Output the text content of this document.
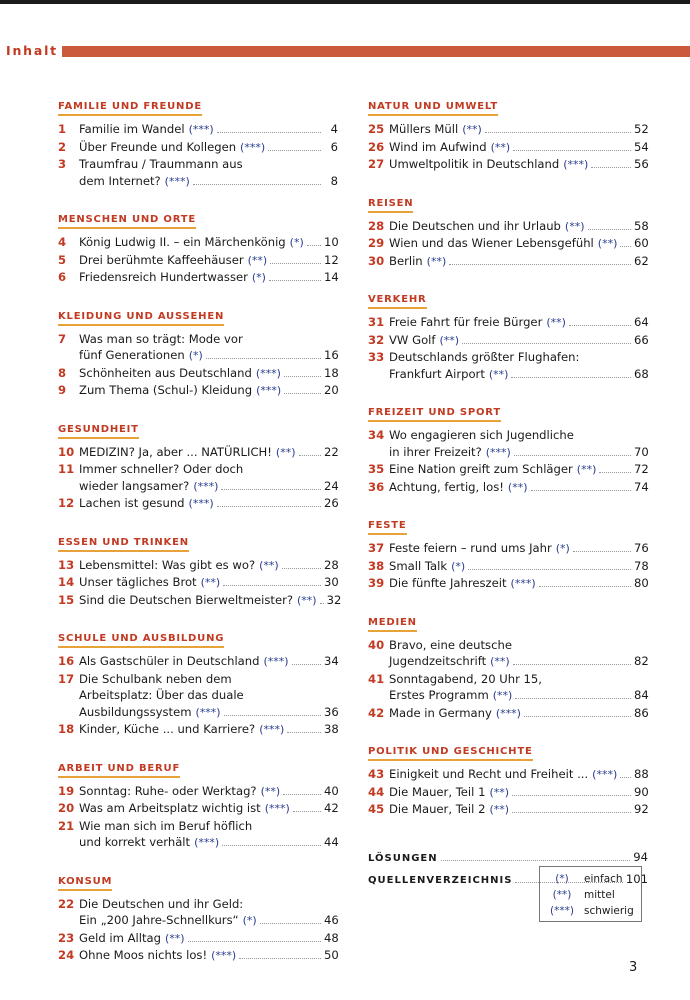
Inhalt
FAMILIE UND FREUNDE
1	Familie im Wandel (***)	4
2	Über Freunde und Kollegen (***)	6
3	Traumfrau / Traummann aus
dem Internet? (***)	8
MENSCHEN UND ORTE
4	König Ludwig II. – ein Märchenkönig (*) 10
5	Drei berühmte Kaffeehäuser (**)	12
6	Friedensreich Hundertwasser (*)	14
KLEIDUNG UND AUSSEHEN
7	Was man so trägt: Mode vor
fünf Generationen (*)	16
8	Schönheiten aus Deutschland (***)	18
9	Zum Thema (Schul-) Kleidung (***)	20
GESUNDHEIT
10 MEDIZIN? Ja, aber ... NATÜRLICH! (**) 22
11 Immer schneller? Oder doch
wieder langsamer? (***)	24
12 Lachen ist gesund (***)	26
ESSEN UND TRINKEN
13 Lebensmittel: Was gibt es wo? (**)	28
14 Unser tägliches Brot (**)	30
15 Sind die Deutschen Bierweltmeister? (**) 32
SCHULE UND AUSBILDUNG
16 Als Gastschüler in Deutschland (***)	34
17 Die Schulbank neben dem
Arbeitsplatz: Über das duale
Ausbildungssystem (***)	36
18 Kinder, Küche ... und Karriere? (***)	38
ARBEIT UND BERUF
19 Sonntag: Ruhe- oder Werktag? (**)	40
20 Was am Arbeitsplatz wichtig ist (***)	42
21 Wie man sich im Beruf höflich
und korrekt verhält (***)	44
KONSUM
22 Die Deutschen und ihr Geld:
Ein „200 Jahre-Schnellkurs“ (*)	46
23 Geld im Alltag (**)	48
24 Ohne Moos nichts los! (***)	50
NATUR UND UMWELT
25 Müllers Müll (**)	52
26 Wind im Aufwind (**)	54
27 Umweltpolitik in Deutschland (***)	56
REISEN
28 Die Deutschen und ihr Urlaub (**)	58
29 Wien und das Wiener Lebensgefühl (**) 60
30 Berlin (**)	62
VERKEHR
31 Freie Fahrt für freie Bürger (**)	64
32 VW Golf (**)	66
33 Deutschlands größter Flughafen:
Frankfurt Airport (**)	68
FREIZEIT UND SPORT
34 Wo engagieren sich Jugendliche
in ihrer Freizeit? (***)	70
35 Eine Nation greift zum Schläger (**)	72
36 Achtung, fertig, los! (**)	74
FESTE
37 Feste feiern – rund ums Jahr (*)	76
38 Small Talk (*)	78
39 Die fünfte Jahreszeit (***)	80
MEDIEN
40 Bravo, eine deutsche
Jugendzeitschrift (**)	82
41 Sonntagabend, 20 Uhr 15,
Erstes Programm (**)	84
42 Made in Germany (***)	86
POLITIK UND GESCHICHTE
43 Einigkeit und Recht und Freiheit ... (***) 88
44 Die Mauer, Teil 1 (**)	90
45 Die Mauer, Teil 2 (**)	92
LÖSUNGEN	94
QUELLENVERZEICHNIS	101
(*)	einfach
(**)	mittel
(***) schwierig
3
